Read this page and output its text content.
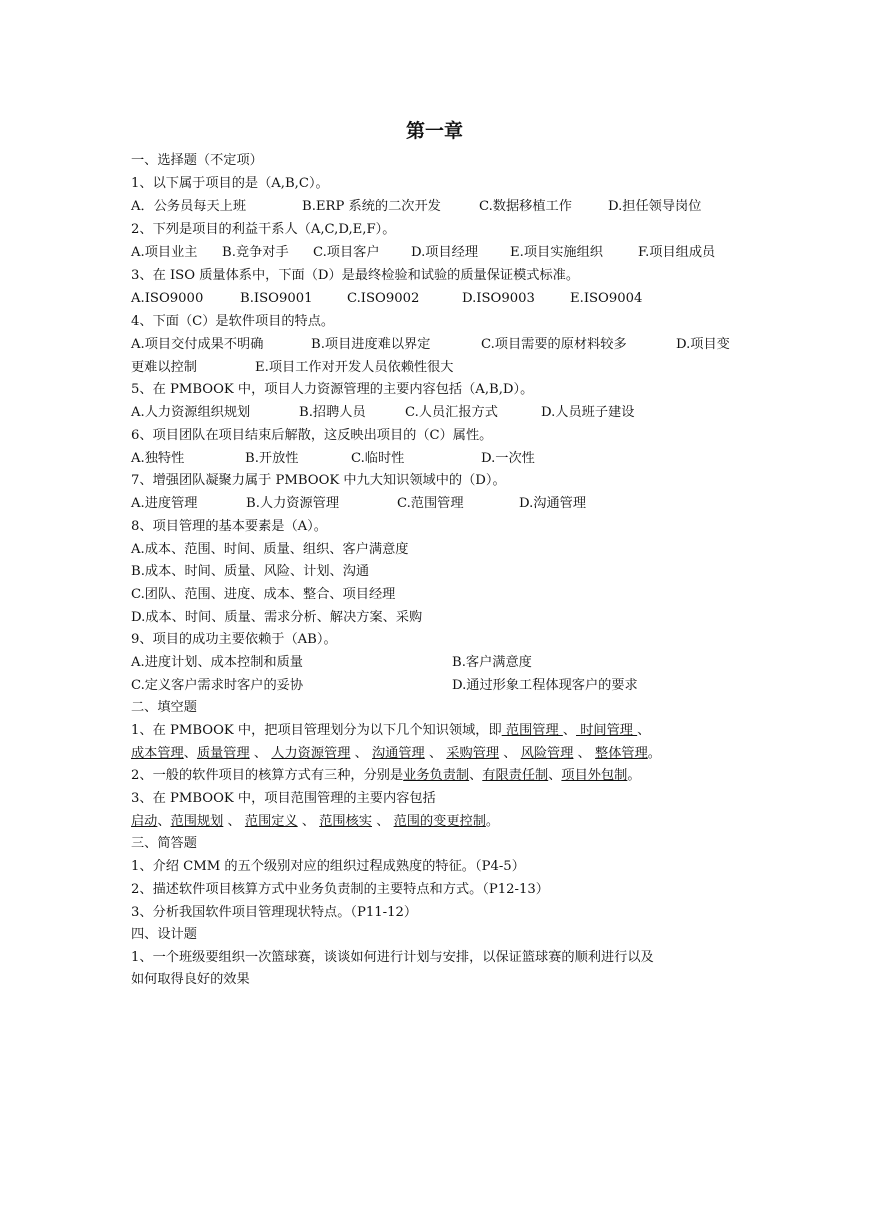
第一章
一、选择题（不定项）
1、以下属于项目的是（A,B,C）。
A．公务员每天上班	B.ERP 系统的二次开发	C.数据移植工作	D.担任领导岗位
2、下列是项目的利益干系人（A,C,D,E,F）。
A.项目业主 B.竞争对手 C.项目客户 D.项目经理 E.项目实施组织	F.项目组成员
3、在 ISO 质量体系中，下面（D）是最终检验和试验的质量保证模式标准。
A.ISO9000	B.ISO9001	C.ISO9002	D.ISO9003	E.ISO9004
4、下面（C）是软件项目的特点。
A.项目交付成果不明确	B.项目进度难以界定	C.项目需要的原材料较多	D.项目变
更难以控制	E.项目工作对开发人员依赖性很大
5、在 PMBOOK 中，项目人力资源管理的主要内容包括（A,B,D）。
A.人力资源组织规划	B.招聘人员	C.人员汇报方式	D.人员班子建设
6、项目团队在项目结束后解散，这反映出项目的（C）属性。
A.独特性	B.开放性	C.临时性	D.一次性
7、增强团队凝聚力属于 PMBOOK 中九大知识领域中的（D）。
A.进度管理	B.人力资源管理	C.范围管理	D.沟通管理
8、项目管理的基本要素是（A）。
A.成本、范围、时间、质量、组织、客户满意度
B.成本、时间、质量、风险、计划、沟通
C.团队、范围、进度、成本、整合、项目经理
D.成本、时间、质量、需求分析、解决方案、采购
9、项目的成功主要依赖于（AB）。
A.进度计划、成本控制和质量	B.客户满意度
C.定义客户需求时客户的妥协	D.通过形象工程体现客户的要求
二、填空题
1、在 PMBOOK 中，把项目管理划分为以下几个知识领域，即 范围管理 、 时间管理 、
成本管理、质量管理 、 人力资源管理 、 沟通管理 、 采购管理 、 风险管理 、 整体管理。
2、一般的软件项目的核算方式有三种，分别是业务负责制、有限责任制、项目外包制。
3、在 PMBOOK 中，项目范围管理的主要内容包括
启动、范围规划 、 范围定义 、 范围核实 、 范围的变更控制。
三、简答题
1、介绍 CMM 的五个级别对应的组织过程成熟度的特征。（P4-5）
2、描述软件项目核算方式中业务负责制的主要特点和方式。（P12-13）
3、分析我国软件项目管理现状特点。（P11-12）
四、设计题
1、一个班级要组织一次篮球赛，谈谈如何进行计划与安排，以保证篮球赛的顺利进行以及
如何取得良好的效果
